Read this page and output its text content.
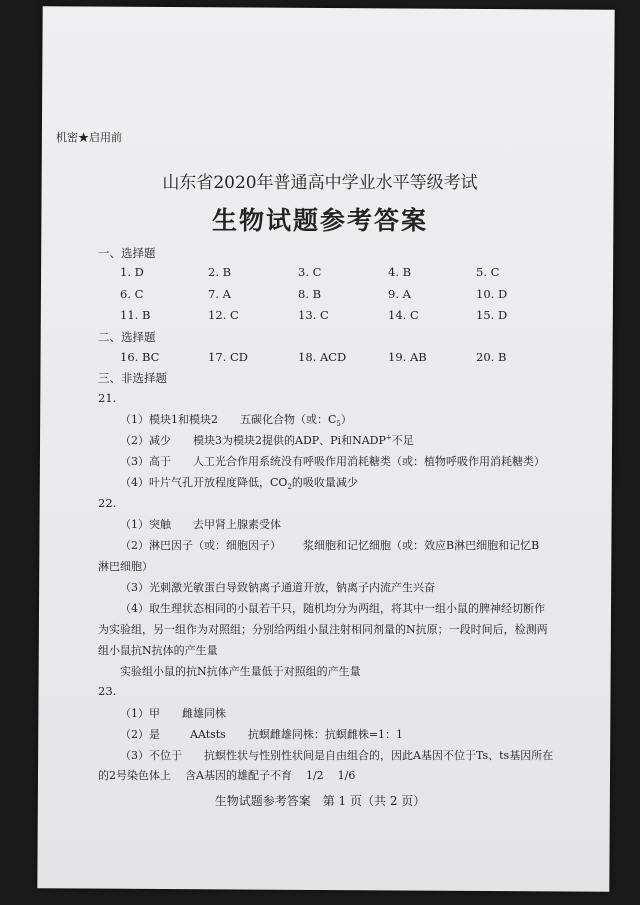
机密★启用前
山东省2020年普通高中学业水平等级考试
生物试题参考答案
一、选择题
1. D	2. B	3. C	4. B	5. C
6. C	7. A	8. B	9. A	10. D
11. B	12. C	13. C	14. C	15. D
二、选择题
16. BC	17. CD	18. ACD	19. AB	20. B
三、非选择题
21.
（1）模块1和模块2 五碳化合物（或：$C_5$）
（2）减少 模块3为模块2提供的ADP、Pi和NADP+不足
（3）高于 人工光合作用系统没有呼吸作用消耗糖类（或：植物呼吸作用消耗糖类）
（4）叶片气孔开放程度降低，$CO_2$的吸收量减少
22.
（1）突触 去甲肾上腺素受体
（2）淋巴因子（或：细胞因子） 浆细胞和记忆细胞（或：效应B淋巴细胞和记忆B
淋巴细胞）
（3）光刺激光敏蛋白导致钠离子通道开放，钠离子内流产生兴奋
（4）取生理状态相同的小鼠若干只，随机均分为两组，将其中一组小鼠的脾神经切断作
为实验组，另一组作为对照组；分别给两组小鼠注射相同剂量的N抗原；一段时间后，检测两
组小鼠抗N抗体的产生量
实验组小鼠的抗N抗体产生量低于对照组的产生量
23.
（1）甲 雌雄同株
（2）是	AAtsts 抗螟雌雄同株：抗螟雌株=1：1
（3）不位于 抗螟性状与性别性状间是自由组合的，因此A基因不位于Ts、ts基因所在
的2号染色体上 含A基因的雄配子不育 1/2 1/6
生物试题参考答案　第 1 页（共 2 页）
